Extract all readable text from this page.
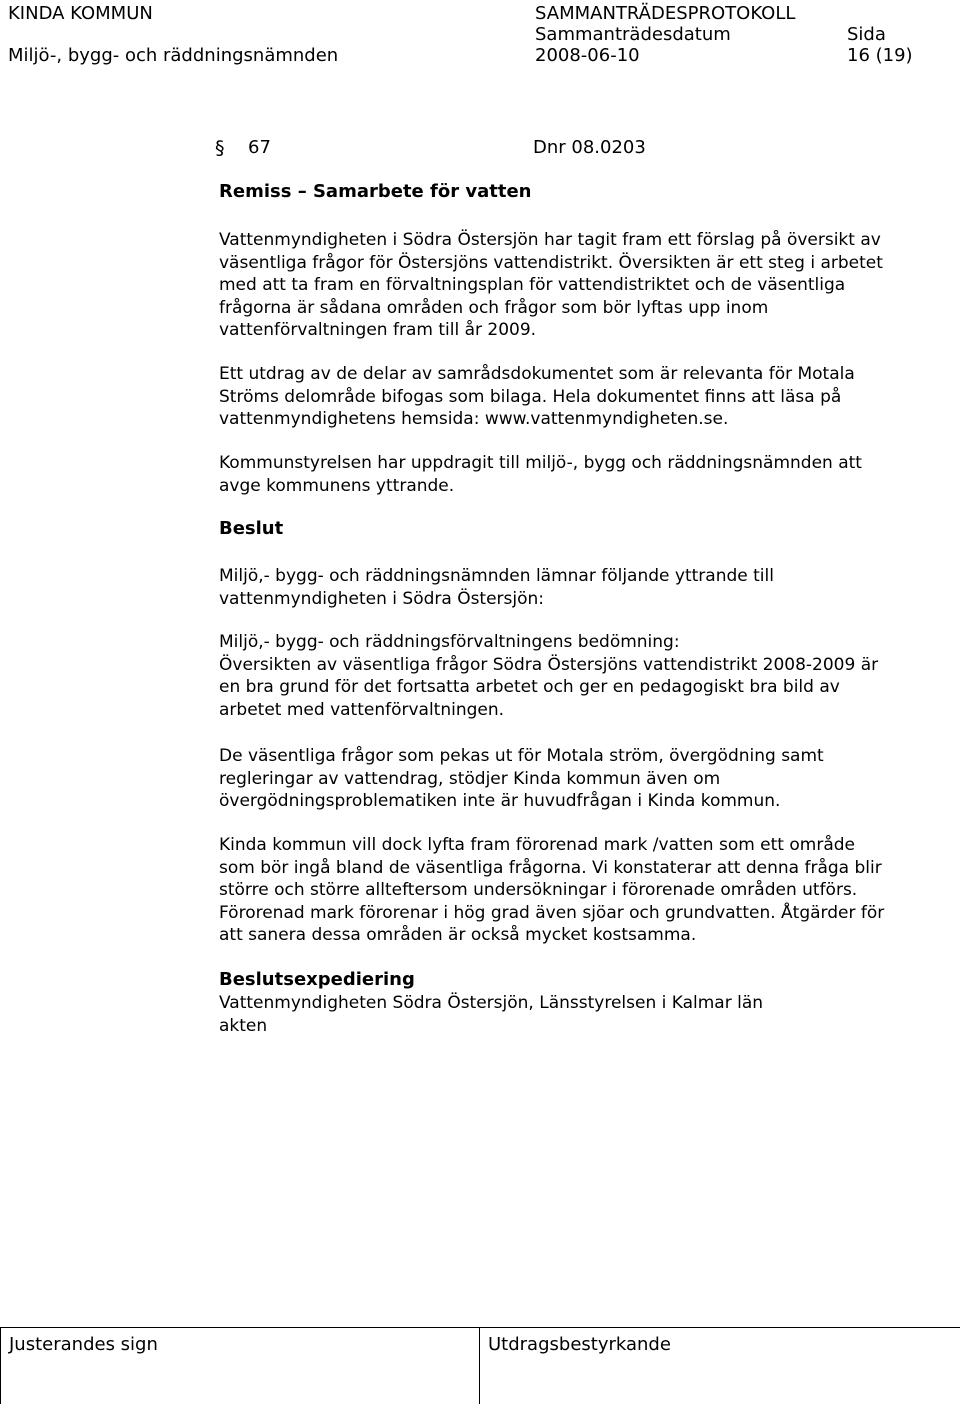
KINDA KOMMUN
Miljö-, bygg- och räddningsnämnden
SAMMANTRÄDESPROTOKOLL
Sammanträdesdatum
2008-06-10
Sida
16 (19)
§ 67	Dnr 08.0203
Remiss – Samarbete för vatten
Vattenmyndigheten i Södra Östersjön har tagit fram ett förslag på översikt av
väsentliga frågor för Östersjöns vattendistrikt. Översikten är ett steg i arbetet
med att ta fram en förvaltningsplan för vattendistriktet och de väsentliga
frågorna är sådana områden och frågor som bör lyftas upp inom
vattenförvaltningen fram till år 2009.
Ett utdrag av de delar av samrådsdokumentet som är relevanta för Motala
Ströms delområde bifogas som bilaga. Hela dokumentet finns att läsa på
vattenmyndighetens hemsida: www.vattenmyndigheten.se.
Kommunstyrelsen har uppdragit till miljö-, bygg och räddningsnämnden att
avge kommunens yttrande.
Beslut
Miljö,- bygg- och räddningsnämnden lämnar följande yttrande till
vattenmyndigheten i Södra Östersjön:
Miljö,- bygg- och räddningsförvaltningens bedömning:
Översikten av väsentliga frågor Södra Östersjöns vattendistrikt 2008-2009 är
en bra grund för det fortsatta arbetet och ger en pedagogiskt bra bild av
arbetet med vattenförvaltningen.
De väsentliga frågor som pekas ut för Motala ström, övergödning samt
regleringar av vattendrag, stödjer Kinda kommun även om
övergödningsproblematiken inte är huvudfrågan i Kinda kommun.
Kinda kommun vill dock lyfta fram förorenad mark /vatten som ett område
som bör ingå bland de väsentliga frågorna. Vi konstaterar att denna fråga blir
större och större allteftersom undersökningar i förorenade områden utförs.
Förorenad mark förorenar i hög grad även sjöar och grundvatten. Åtgärder för
att sanera dessa områden är också mycket kostsamma.
Beslutsexpediering
Vattenmyndigheten Södra Östersjön, Länsstyrelsen i Kalmar län
akten
Justerandes sign	Utdragsbestyrkande
